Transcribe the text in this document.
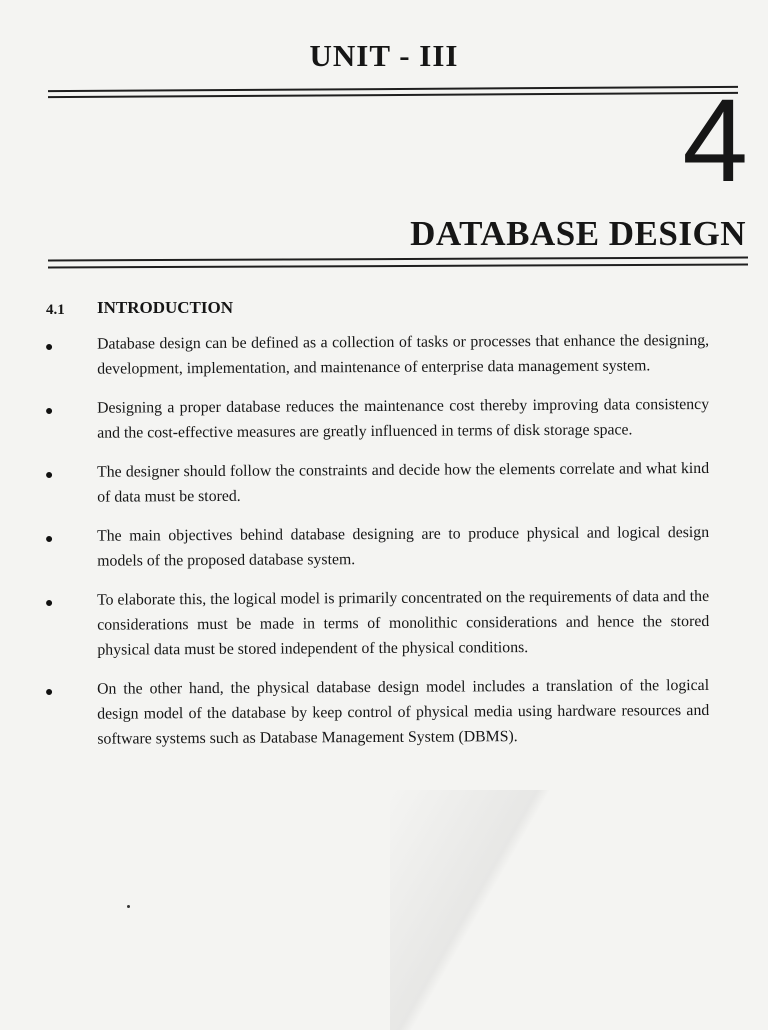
UNIT - III
4
DATABASE DESIGN
4.1 INTRODUCTION
Database design can be defined as a collection of tasks or processes that enhance the designing, development, implementation, and maintenance of enterprise data management system.
Designing a proper database reduces the maintenance cost thereby improving data consistency and the cost-effective measures are greatly influenced in terms of disk storage space.
The designer should follow the constraints and decide how the elements correlate and what kind of data must be stored.
The main objectives behind database designing are to produce physical and logical design models of the proposed database system.
To elaborate this, the logical model is primarily concentrated on the requirements of data and the considerations must be made in terms of monolithic considerations and hence the stored physical data must be stored independent of the physical conditions.
On the other hand, the physical database design model includes a translation of the logical design model of the database by keep control of physical media using hardware resources and software systems such as Database Management System (DBMS).
